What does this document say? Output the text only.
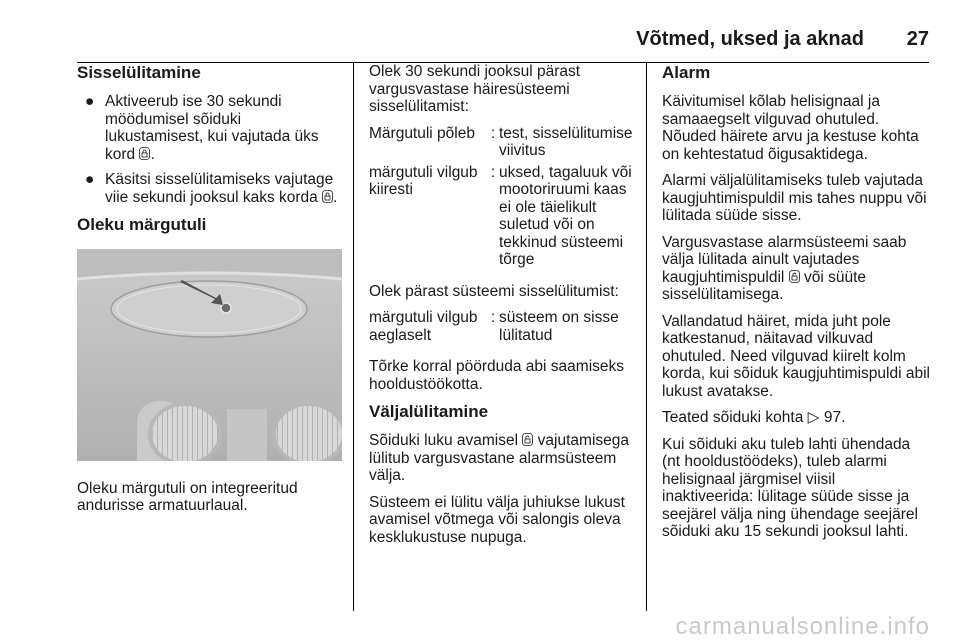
Võtmed, uksed ja aknad 27
Sisselülitamine
● Aktiveerub ise 30 sekundi möödumisel sõiduki lukustamisest, kui vajutada üks kord .
● Käsitsi sisselülitamiseks vajutage viie sekundi jooksul kaks korda .
Oleku märgutuli

Oleku märgutuli on integreeritud andurisse armatuurlaual.

Olek 30 sekundi jooksul pärast vargusvastase häiresüsteemi sisselülitamist:

Märgutuli põleb	:	test, sisselülitumise viivitus
märgutuli vilgub kiiresti	:	uksed, tagaluuk või mootoriruumi kaas ei ole täielikult suletud või on tekkinud süsteemi tõrge

Olek pärast süsteemi sisselülitumist:

märgutuli vilgub aeglaselt	:	süsteem on sisse lülitatud

Tõrke korral pöörduda abi saamiseks hooldustöökotta.

Väljalülitamine

Sõiduki luku avamisel vajutamisega lülitub vargusvastane alarmsüsteem välja.

Süsteem ei lülitu välja juhiukse lukust avamisel võtmega või salongis oleva kesklukustuse nupuga.

Alarm

Käivitumisel kõlab helisignaal ja samaaegselt vilguvad ohutuled. Nõuded häirete arvu ja kestuse kohta on kehtestatud õigusaktidega.

Alarmi väljalülitamiseks tuleb vajutada kaugjuhtimispuldil mis tahes nuppu või lülitada süüde sisse.

Vargusvastase alarmsüsteemi saab välja lülitada ainult vajutades kaugjuhtimispuldil või süüte sisselülitamisega.

Vallandatud häiret, mida juht pole katkestanud, näitavad vilkuvad ohutuled. Need vilguvad kiirelt kolm korda, kui sõiduk kaugjuhtimispuldi abil lukust avatakse.

Teated sõiduki kohta ▷ 97.

Kui sõiduki aku tuleb lahti ühendada (nt hooldustöödeks), tuleb alarmi helisignaal järgmisel viisil inaktiveerida: lülitage süüde sisse ja seejärel välja ning ühendage seejärel sõiduki aku 15 sekundi jooksul lahti.

carmanualsonline.info
